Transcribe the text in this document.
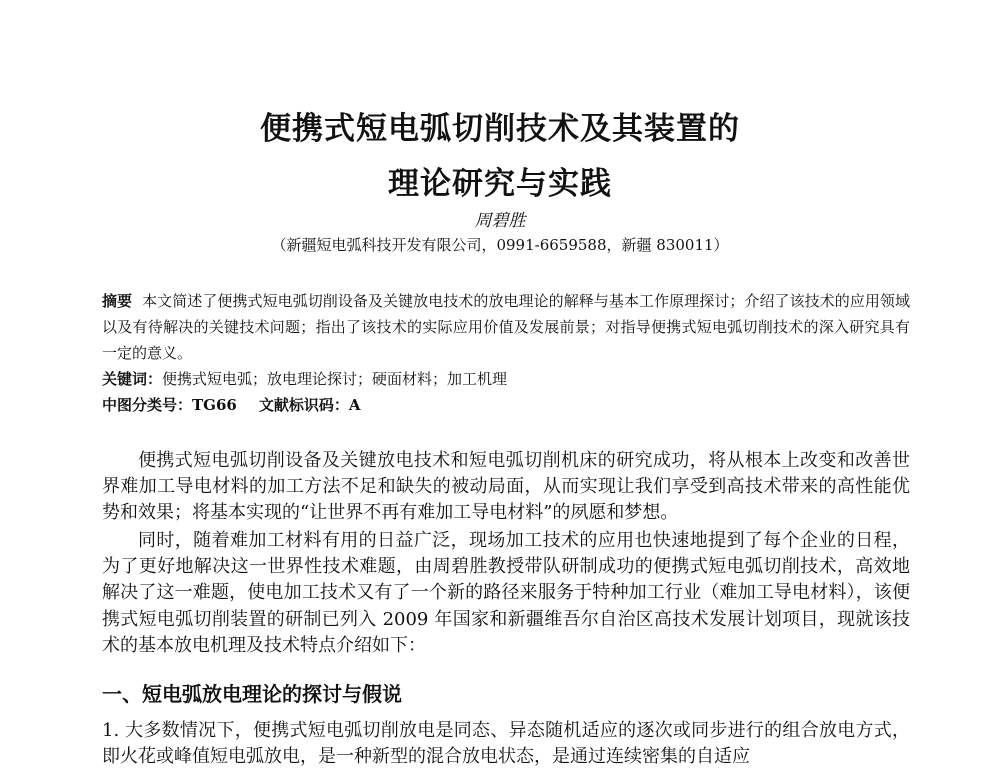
便携式短电弧切削技术及其装置的
理论研究与实践
周碧胜
（新疆短电弧科技开发有限公司，0991-6659588，新疆 830011）

摘要 本文简述了便携式短电弧切削设备及关键放电技术的放电理论的解释与基本工作原理探讨；介绍了该技术的应用领域以及有待解决的关键技术问题；指出了该技术的实际应用价值及发展前景；对指导便携式短电弧切削技术的深入研究具有一定的意义。

关键词：便携式短电弧；放电理论探讨；硬面材料；加工机理

中图分类号：TG66 文献标识码：A

便携式短电弧切削设备及关键放电技术和短电弧切削机床的研究成功，将从根本上改变和改善世界难加工导电材料的加工方法不足和缺失的被动局面，从而实现让我们享受到高技术带来的高性能优势和效果；将基本实现的“让世界不再有难加工导电材料”的夙愿和梦想。

同时，随着难加工材料有用的日益广泛，现场加工技术的应用也快速地提到了每个企业的日程，为了更好地解决这一世界性技术难题，由周碧胜教授带队研制成功的便携式短电弧切削技术，高效地解决了这一难题，使电加工技术又有了一个新的路径来服务于特种加工行业（难加工导电材料），该便携式短电弧切削装置的研制已列入 2009 年国家和新疆维吾尔自治区高技术发展计划项目，现就该技术的基本放电机理及技术特点介绍如下：

一、短电弧放电理论的探讨与假说

1. 大多数情况下，便携式短电弧切削放电是同态、异态随机适应的逐次或同步进行的组合放电方式，即火花或峰值短电弧放电，是一种新型的混合放电状态，是通过连续密集的自适应
